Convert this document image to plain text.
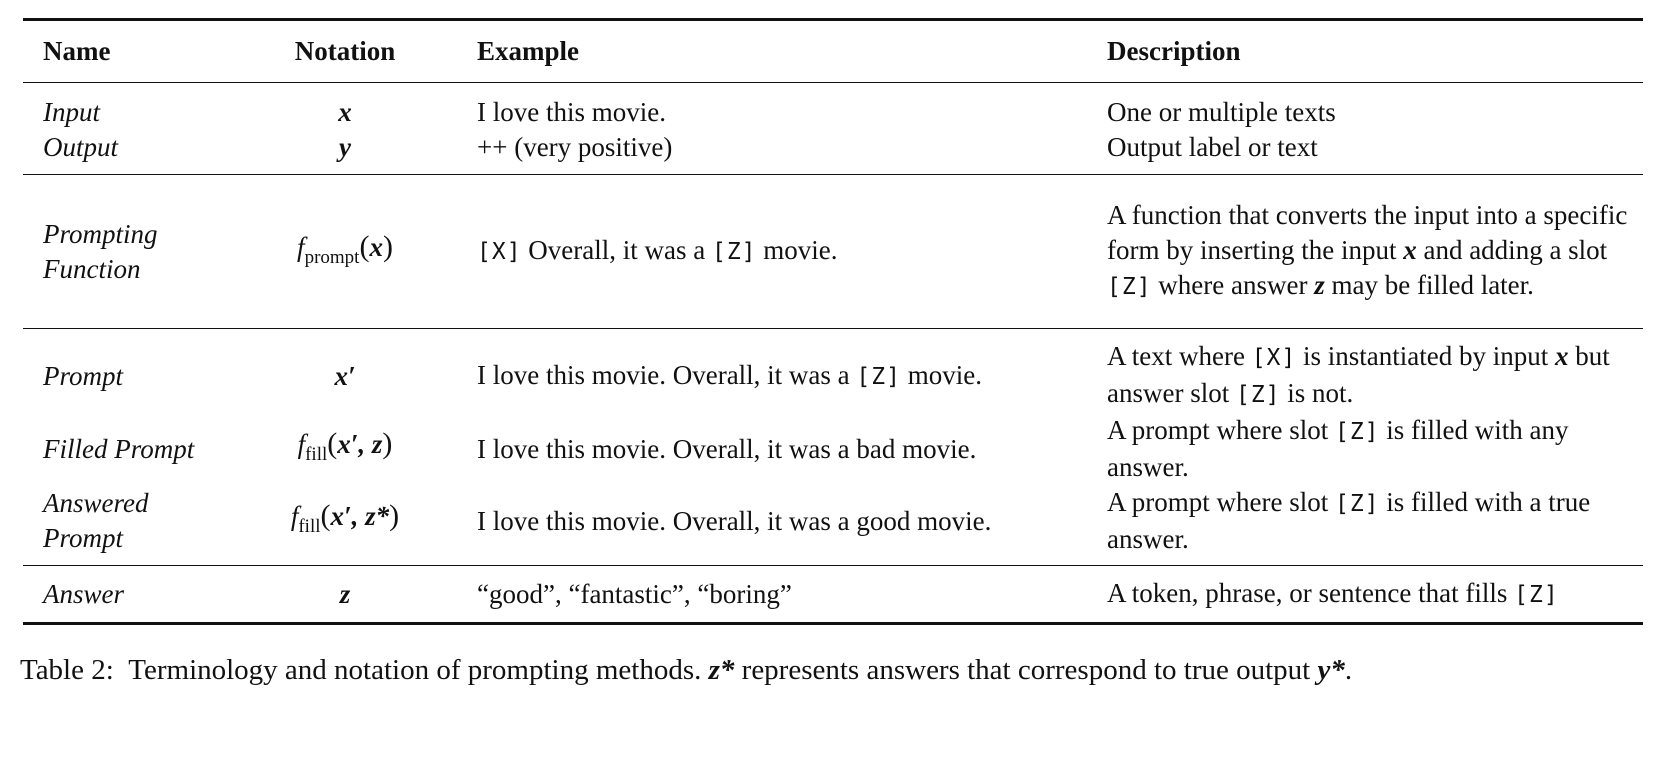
Name	Notation	Example	Description
Input	x	I love this movie.	One or multiple texts
Output	y	++ (very positive)	Output label or text
Prompting Function	$f_{prompt}(x)$	[X] Overall, it was a [Z] movie.	A function that converts the input into a specific form by inserting the input x and adding a slot [Z] where answer z may be filled later.
Prompt	x′	I love this movie. Overall, it was a [Z] movie.	A text where [X] is instantiated by input x but answer slot [Z] is not.
Filled Prompt	$f_{fill}(x'$, z)	I love this movie. Overall, it was a bad movie.	A prompt where slot [Z] is filled with any answer.
Answered Prompt	$f_{fill}(x'$, z*)	I love this movie. Overall, it was a good movie.	A prompt where slot [Z] is filled with a true answer.
Answer	z	“good”, “fantastic”, “boring”	A token, phrase, or sentence that fills [Z]
Table 2: Terminology and notation of prompting methods. z* represents answers that correspond to true output y*.
